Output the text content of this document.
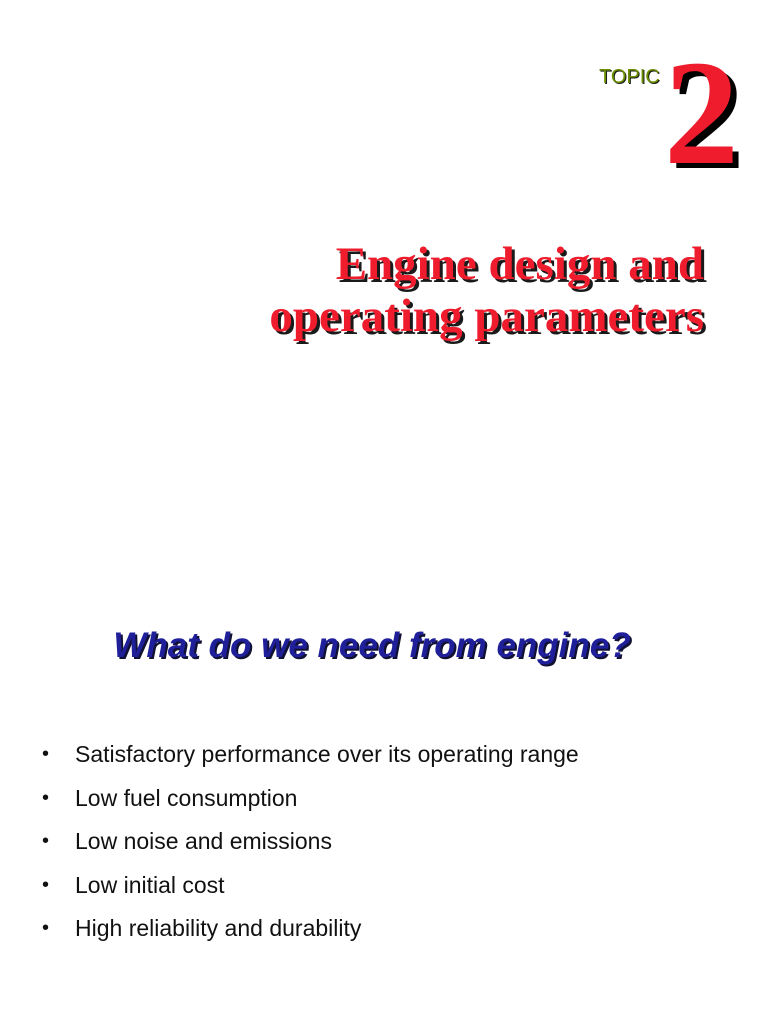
TOPIC 2
Engine design and
operating parameters
What do we need from engine?
•	Satisfactory performance over its operating range
•	Low fuel consumption
•	Low noise and emissions
•	Low initial cost
•	High reliability and durability
